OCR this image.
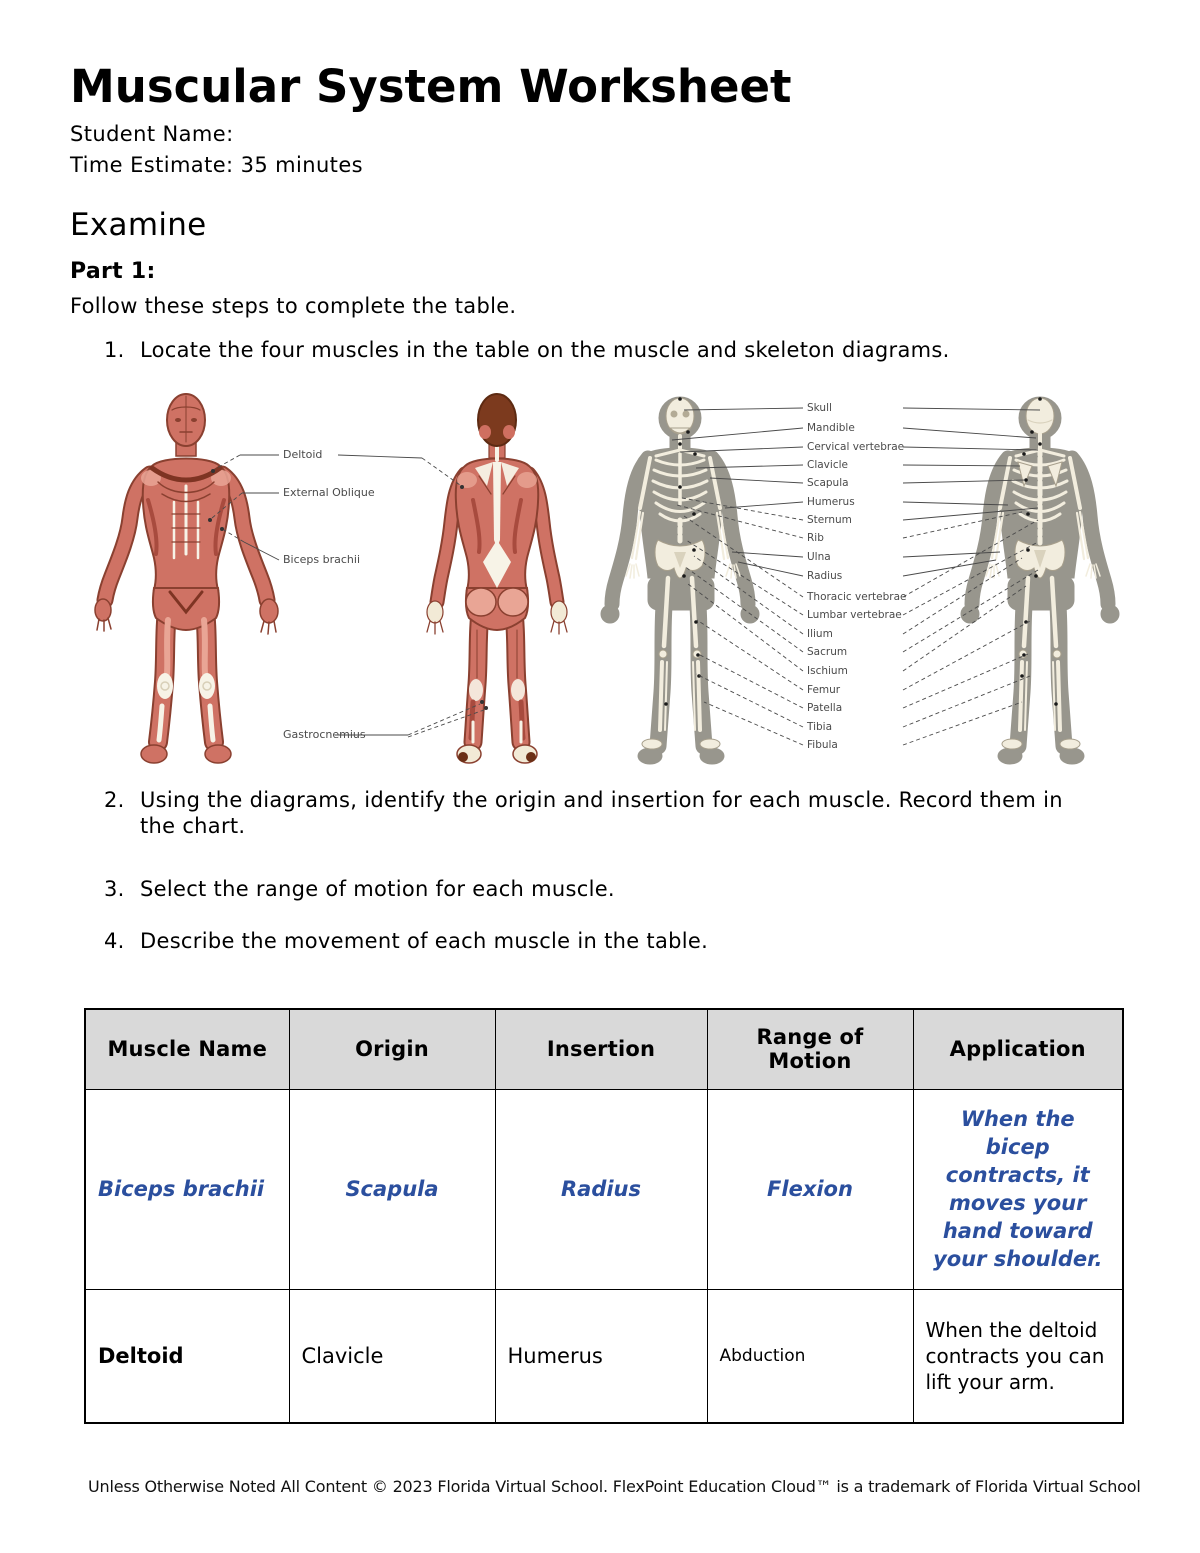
Muscular System Worksheet
Student Name:
Time Estimate: 35 minutes
Examine
Part 1:
Follow these steps to complete the table.
1. Locate the four muscles in the table on the muscle and skeleton diagrams.
Deltoid
External Oblique
Biceps brachii
Gastrocnemius
Skull
Mandible
Cervical vertebrae
Clavicle
Scapula
Humerus
Sternum
Rib
Ulna
Radius
Thoracic vertebrae
Lumbar vertebrae
Ilium
Sacrum
Ischium
Femur
Patella
Tibia
Fibula
2. Using the diagrams, identify the origin and insertion for each muscle. Record them in the chart.
3. Select the range of motion for each muscle.
4. Describe the movement of each muscle in the table.
Muscle Name	Origin	Insertion	Range of Motion	Application
Biceps brachii	Scapula	Radius	Flexion	When the bicep contracts, it moves your hand toward your shoulder.
Deltoid	Clavicle	Humerus	Abduction	When the deltoid contracts you can lift your arm.
Unless Otherwise Noted All Content © 2023 Florida Virtual School. FlexPoint Education Cloud™ is a trademark of Florida Virtual School
